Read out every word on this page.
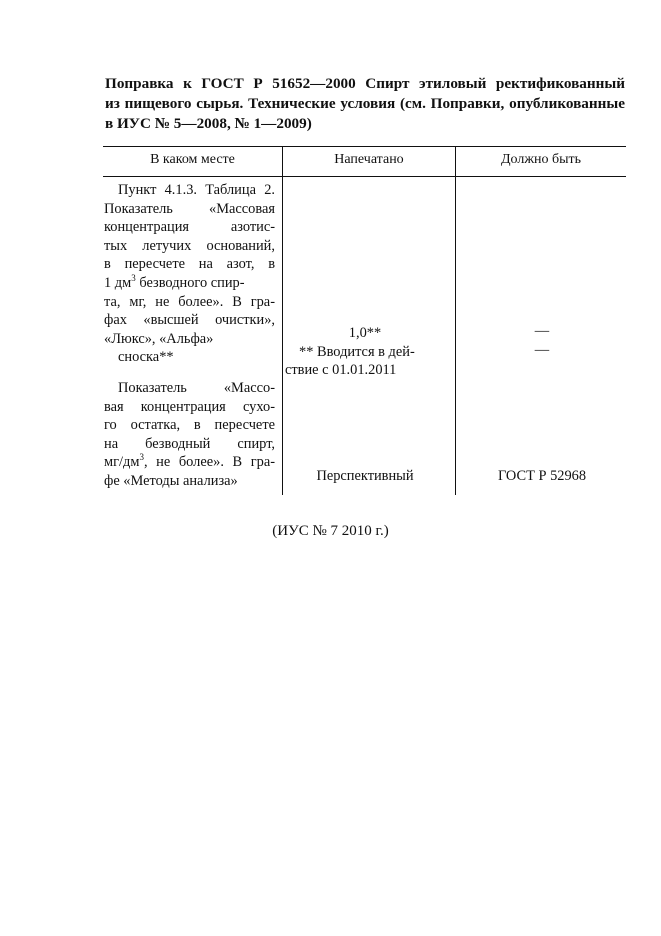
Поправка к ГОСТ Р 51652—2000 Спирт этиловый ректификованный
из пищевого сырья. Технические условия (см. Поправки, опубликованные
в ИУС № 5—2008, № 1—2009)
В каком месте	Напечатано	Должно быть
Пункт 4.1.3. Таблица 2.
Показатель «Массовая
концентрация азотис-
тых летучих оснований,
в пересчете на азот, в
1 $дм^3$ безводного спир-
та, мг, не более». В гра-
фах «высшей очистки»,
«Люкс», «Альфа»
сноска**
Показатель «Массо-
вая концентрация сухо-
го остатка, в пересчете
на безводный спирт,
$мг/дм^3$, не более». В гра-
фе «Методы анализа»
1,0**
** Вводится в дей-
ствие с 01.01.2011
Перспективный
—
—
ГОСТ Р 52968
(ИУС № 7 2010 г.)
